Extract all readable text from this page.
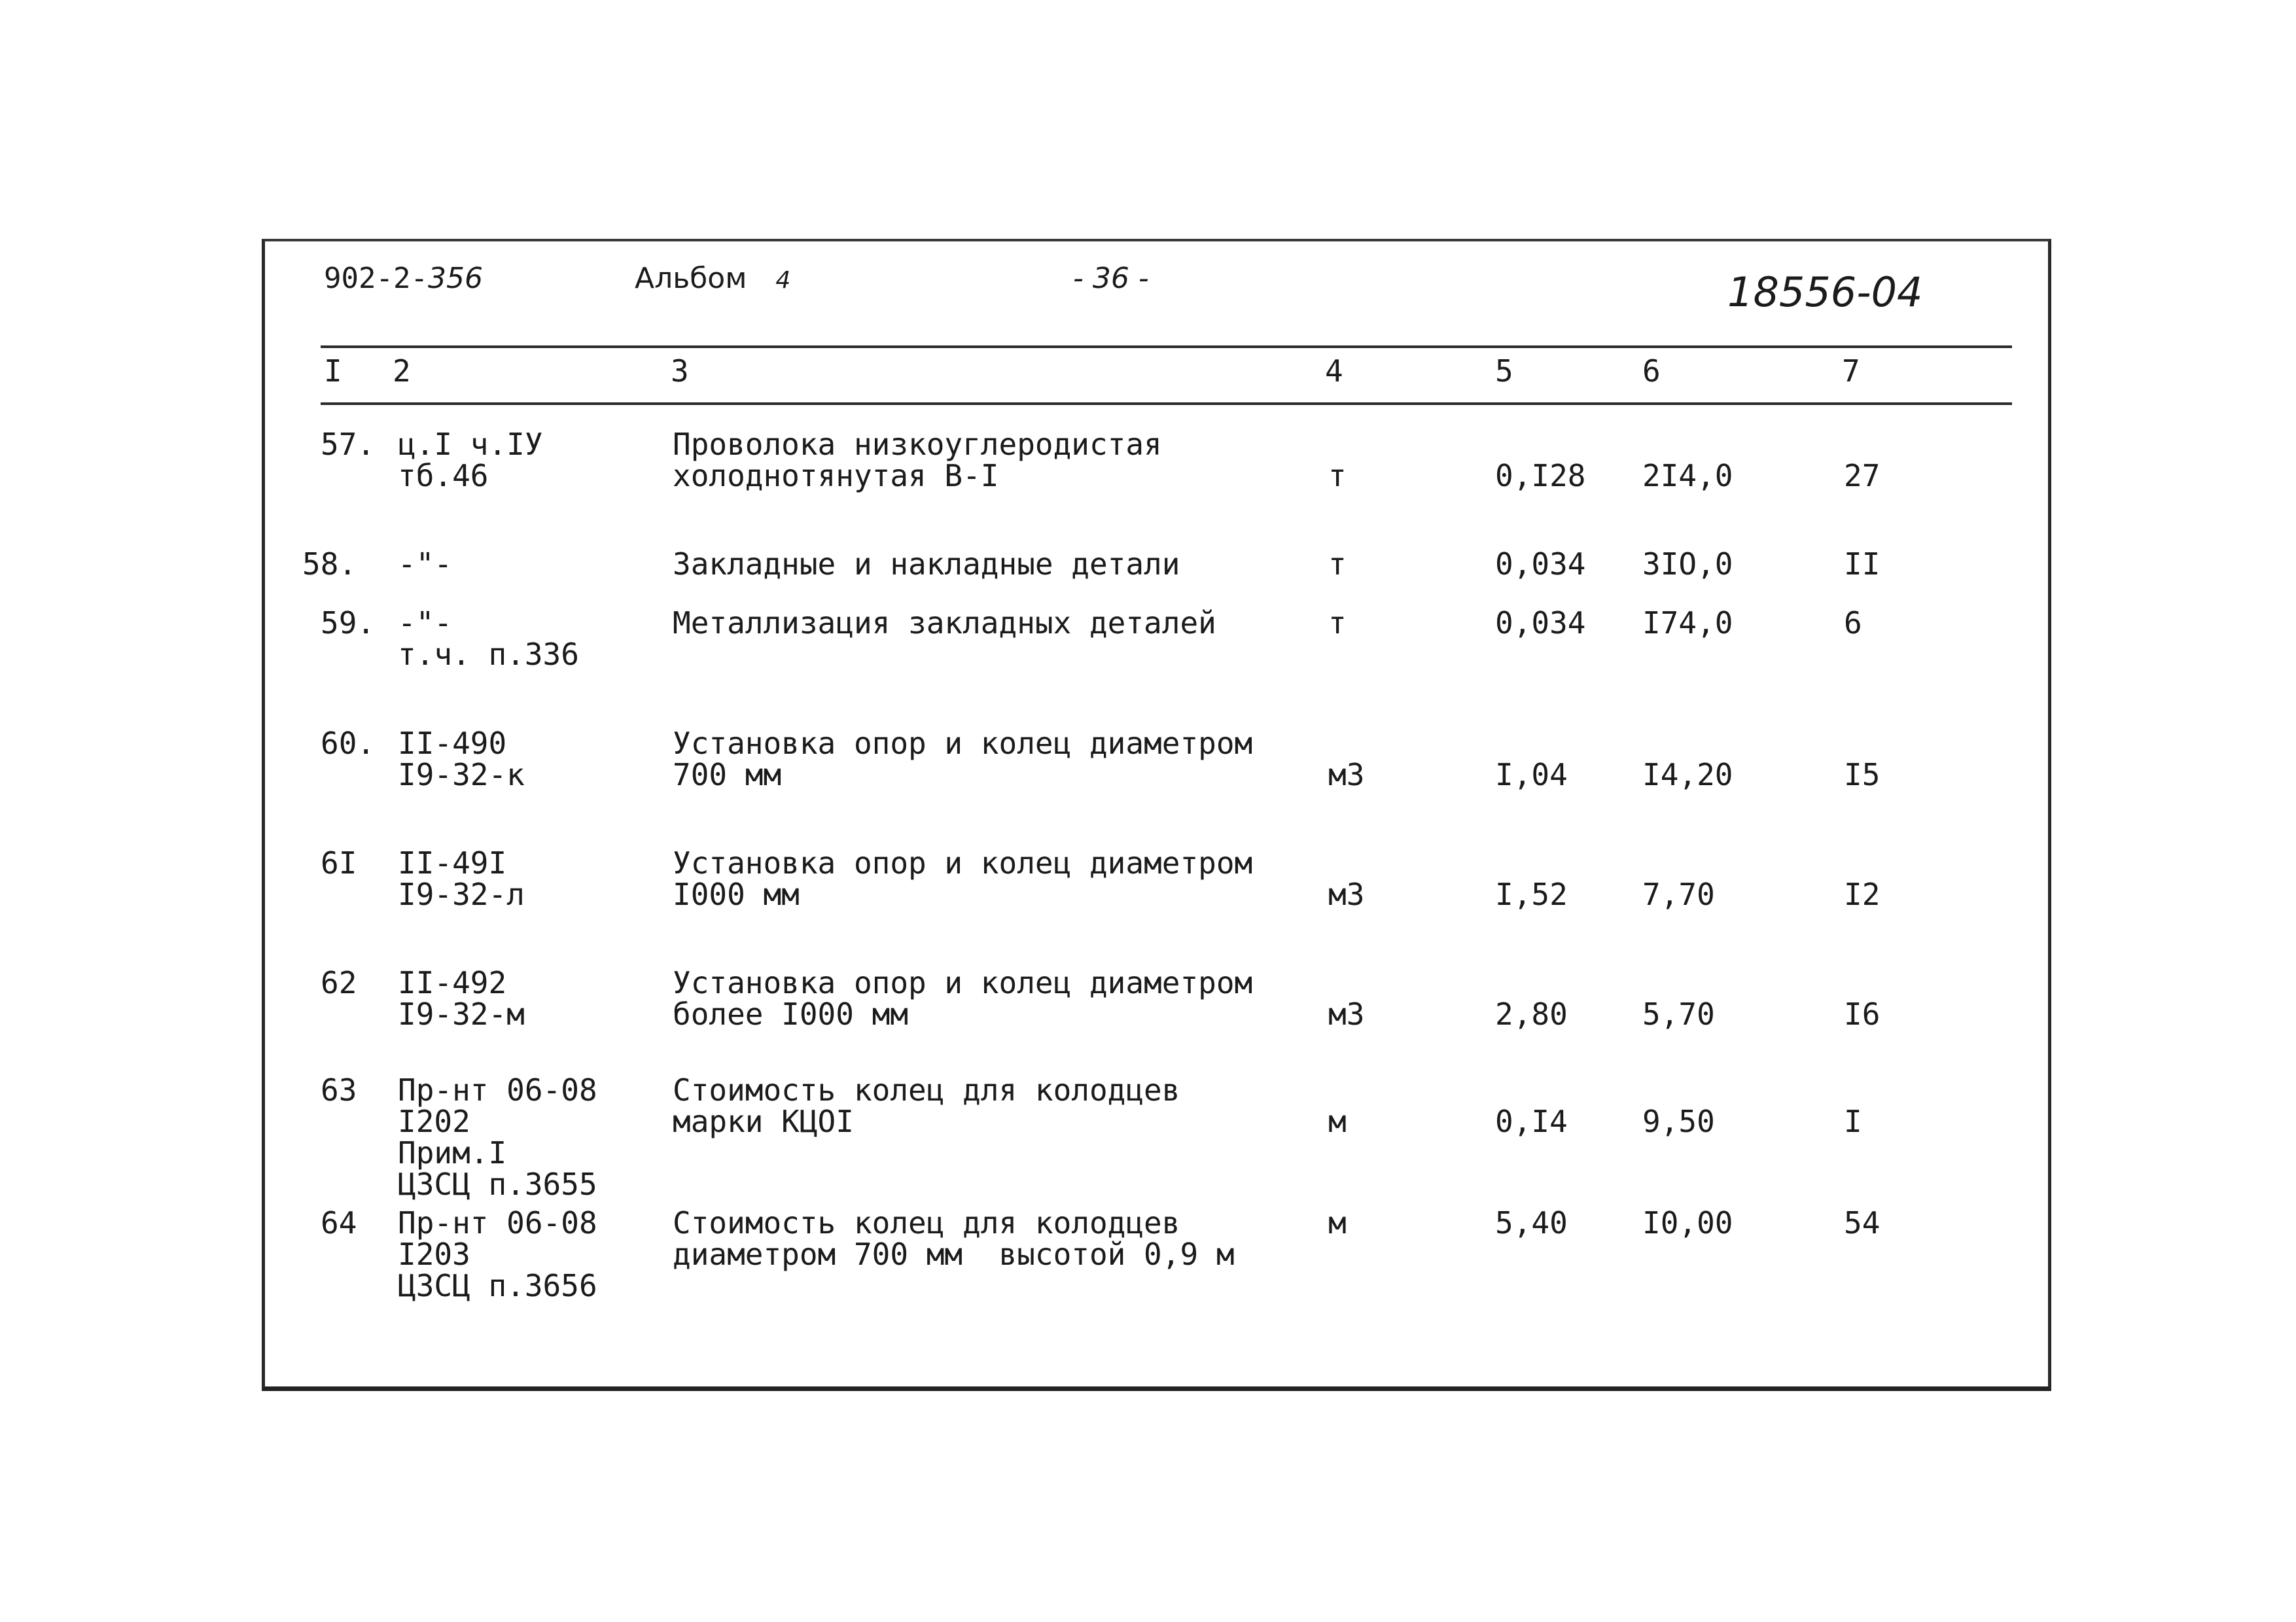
902-2-356	Альбом 4	- 36 -	18556-04
I 2	3	4	5	6	7
57. ц.I ч.IУ
тб.46
Проволока низкоуглеродистая
холоднотянутая B-I	т	0,I28 2I4,0	27
58. -"-	Закладные и накладные детали	т	0,034 3IO,0	II
59. -"-
т.ч. п.336
Металлизация закладных деталей	т	0,034 I74,0	6
60. II-490
I9-32-к
Установка опор и колец диаметром
700 мм	м3	I,04 I4,20	I5
6I II-49I
I9-32-л
Установка опор и колец диаметром
I000 мм	м3	I,52 7,70	I2
62 II-492
I9-32-м
Установка опор и колец диаметром
более I000 мм	м3	2,80 5,70	I6
63 Пр-нт 06-08
I202
Прим.I
ЦЗСЦ п.3655
Стоимость колец для колодцев
марки КЦОI	м	0,I4 9,50	I
64 Пр-нт 06-08
I203
ЦЗСЦ п.3656
Стоимость колец для колодцев
диаметром 700 мм  высотой 0,9 м
м	5,40 I0,00	54
